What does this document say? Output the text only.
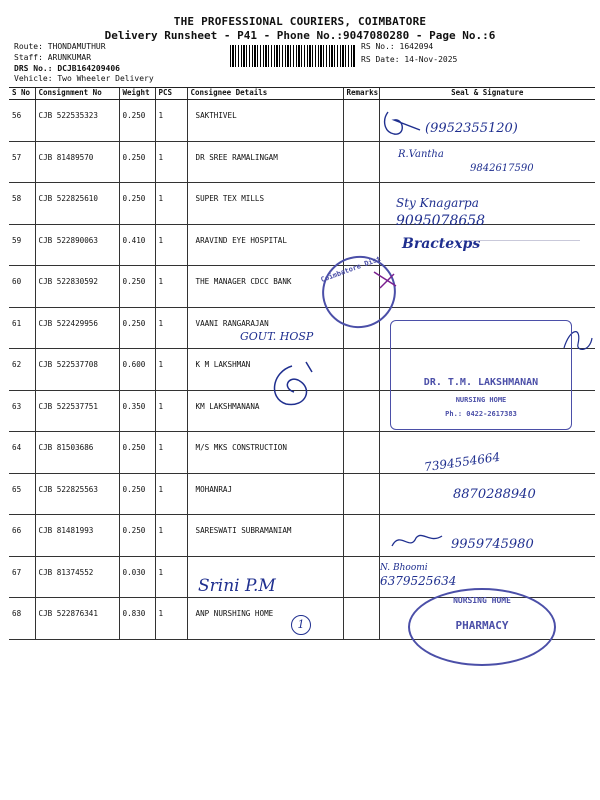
THE PROFESSIONAL COURIERS, COIMBATORE
Delivery Runsheet - P41 - Phone No.:9047080280 - Page No.:6
Route: THONDAMUTHUR
Staff: ARUNKUMAR
DRS No.: DCJB164209406
Vehicle: Two Wheeler Delivery
RS No.: 1642094
RS Date: 14-Nov-2025
S No	Consignment No	Weight	PCS	Consignee Details	Remarks	Seal & Signature
56	CJB 522535323	0.250	1	SAKTHIVEL		
57	CJB 81489570	0.250	1	DR SREE RAMALINGAM		
58	CJB 522825610	0.250	1	SUPER TEX MILLS		
59	CJB 522890063	0.410	1	ARAVIND EYE HOSPITAL		
60	CJB 522830592	0.250	1	THE MANAGER CDCC BANK		
61	CJB 522429956	0.250	1	VAANI RANGARAJAN		
62	CJB 522537708	0.600	1	K M LAKSHMAN		
63	CJB 522537751	0.350	1	KM LAKSHMANANA		
64	CJB 81503686	0.250	1	M/S MKS CONSTRUCTION		
65	CJB 522825563	0.250	1	MOHANRAJ		
66	CJB 81481993	0.250	1	SARESWATI SUBRAMANIAM		
67	CJB 81374552	0.030	1			
68	CJB 522876341	0.830	1	ANP NURSHING HOME		
(9952355120)
R.Vantha
9842617590
Sty Knagarpa
9095078658
Bractexps
Coimbatore Dist
GOUT. HOSP
DR. T.M. LAKSHMANAN
NURSING HOME
Ph.: 0422-2617383
7394554664
8870288940
9959745980
Srini P.M
N. Bhoomi
6379525634
1
NURSING HOME
PHARMACY
